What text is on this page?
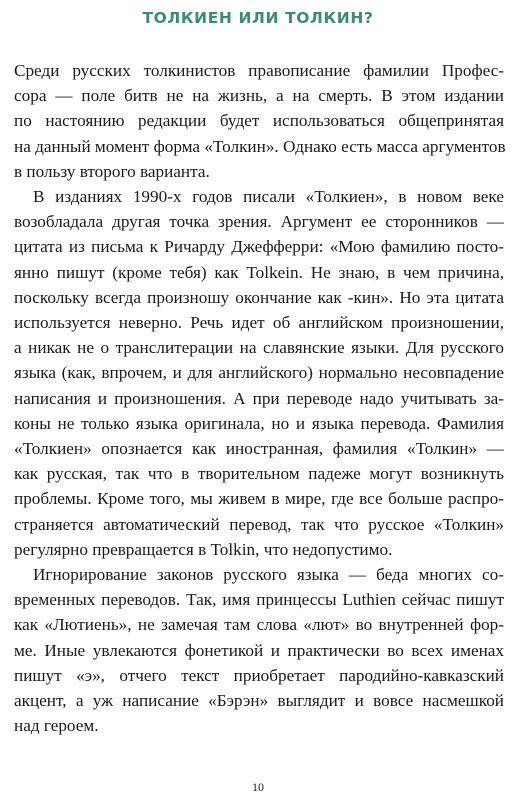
ТОЛКИЕН ИЛИ ТОЛКИН?

Среди русских толкинистов правописание фамилии Профес-
сора — поле битв не на жизнь, а на смерть. В этом издании
по настоянию редакции будет использоваться общепринятая
на данный момент форма «Толкин». Однако есть масса аргументов
в пользу второго варианта.

В изданиях 1990-х годов писали «Толкиен», в новом веке
возобладала другая точка зрения. Аргумент ее сторонников —
цитата из письма к Ричарду Джефферри: «Мою фамилию посто-
янно пишут (кроме тебя) как Tolkein. Не знаю, в чем причина,
поскольку всегда произношу окончание как -кин». Но эта цитата
используется неверно. Речь идет об английском произношении,
а никак не о транслитерации на славянские языки. Для русского
языка (как, впрочем, и для английского) нормально несовпадение
написания и произношения. А при переводе надо учитывать за-
коны не только языка оригинала, но и языка перевода. Фамилия
«Толкиен» опознается как иностранная, фамилия «Толкин» —
как русская, так что в творительном падеже могут возникнуть
проблемы. Кроме того, мы живем в мире, где все больше распро-
страняется автоматический перевод, так что русское «Толкин»
регулярно превращается в Tolkin, что недопустимо.

Игнорирование законов русского языка — беда многих со-
временных переводов. Так, имя принцессы Luthien сейчас пишут
как «Лютиень», не замечая там слова «лют» во внутренней фор-
ме. Иные увлекаются фонетикой и практически во всех именах
пишут «э», отчего текст приобретает пародийно-кавказский
акцент, а уж написание «Бэрэн» выглядит и вовсе насмешкой
над героем.

10
